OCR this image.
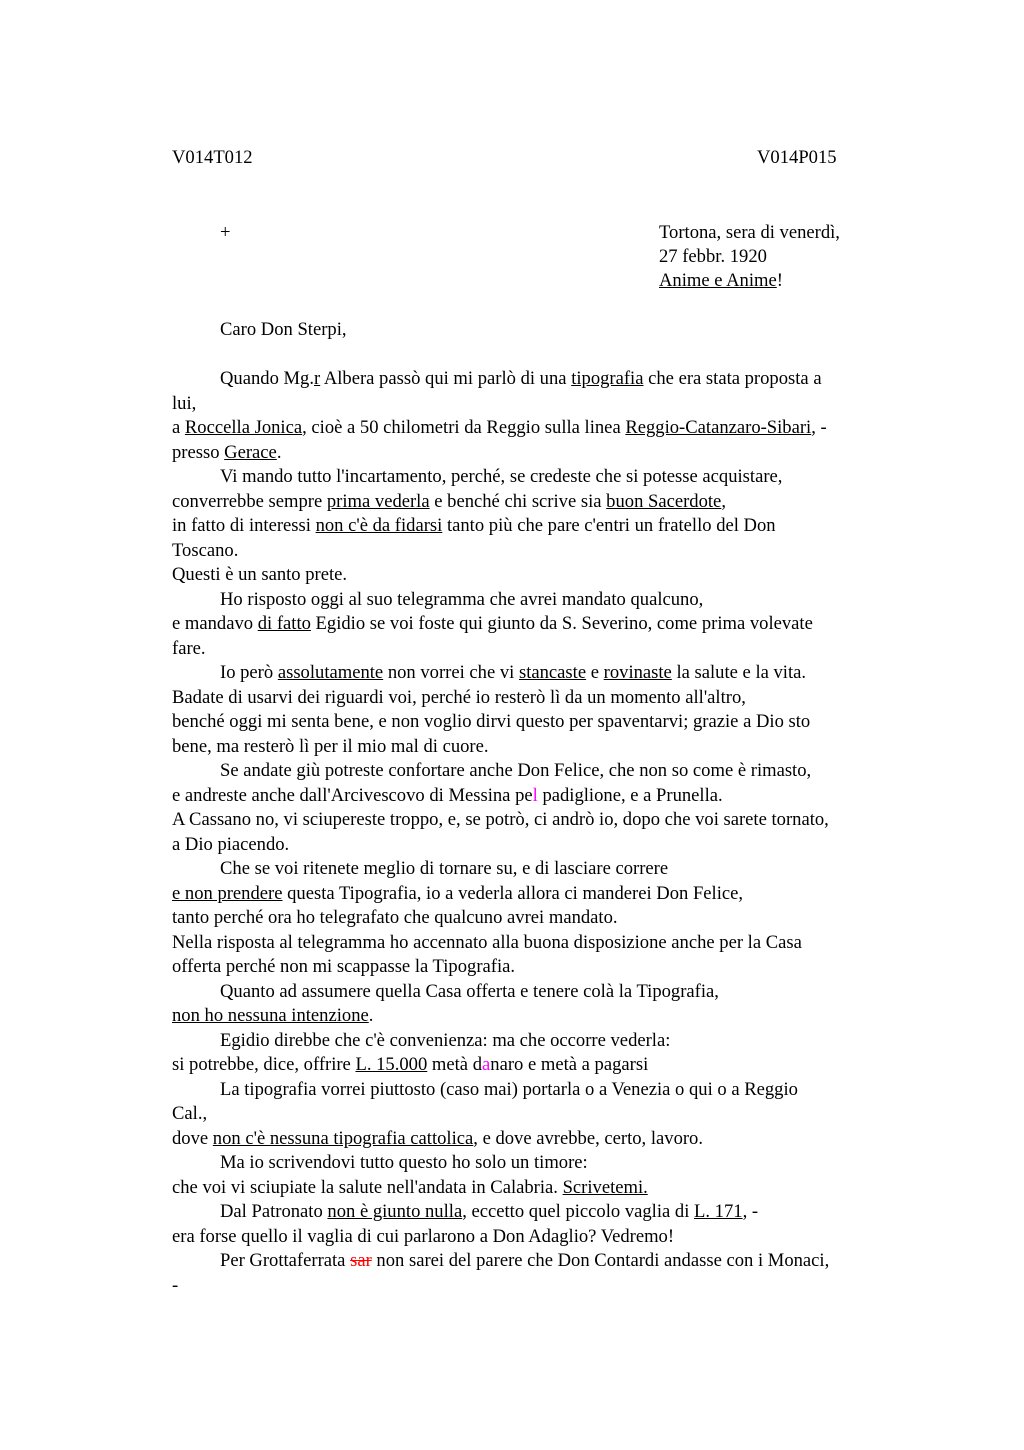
V014T012	V014P015
+	Tortona, sera di venerdì,
27 febbr. 1920
Anime e Anime!
Caro Don Sterpi,
Quando Mg.r Albera passò qui mi parlò di una tipografia che era stata proposta a
lui,
a Roccella Jonica, cioè a 50 chilometri da Reggio sulla linea Reggio-Catanzaro-Sibari, -
presso Gerace.
Vi mando tutto l'incartamento, perché, se credeste che si potesse acquistare,
converrebbe sempre prima vederla e benché chi scrive sia buon Sacerdote,
in fatto di interessi non c'è da fidarsi tanto più che pare c'entri un fratello del Don
Toscano.
Questi è un santo prete.
Ho risposto oggi al suo telegramma che avrei mandato qualcuno,
e mandavo di fatto Egidio se voi foste qui giunto da S. Severino, come prima volevate
fare.
Io però assolutamente non vorrei che vi stancaste e rovinaste la salute e la vita.
Badate di usarvi dei riguardi voi, perché io resterò lì da un momento all'altro,
benché oggi mi senta bene, e non voglio dirvi questo per spaventarvi; grazie a Dio sto
bene, ma resterò lì per il mio mal di cuore.
Se andate giù potreste confortare anche Don Felice, che non so come è rimasto,
e andreste anche dall'Arcivescovo di Messina pel padiglione, e a Prunella.
A Cassano no, vi sciupereste troppo, e, se potrò, ci andrò io, dopo che voi sarete tornato,
a Dio piacendo.
Che se voi ritenete meglio di tornare su, e di lasciare correre
e non prendere questa Tipografia, io a vederla allora ci manderei Don Felice,
tanto perché ora ho telegrafato che qualcuno avrei mandato.
Nella risposta al telegramma ho accennato alla buona disposizione anche per la Casa
offerta perché non mi scappasse la Tipografia.
Quanto ad assumere quella Casa offerta e tenere colà la Tipografia,
non ho nessuna intenzione.
Egidio direbbe che c'è convenienza: ma che occorre vederla:
si potrebbe, dice, offrire L. 15.000 metà danaro e metà a pagarsi
La tipografia vorrei piuttosto (caso mai) portarla o a Venezia o qui o a Reggio
Cal.,
dove non c'è nessuna tipografia cattolica, e dove avrebbe, certo, lavoro.
Ma io scrivendovi tutto questo ho solo un timore:
che voi vi sciupiate la salute nell'andata in Calabria. Scrivetemi.
Dal Patronato non è giunto nulla, eccetto quel piccolo vaglia di L. 171, -
era forse quello il vaglia di cui parlarono a Don Adaglio? Vedremo!
Per Grottaferrata sar non sarei del parere che Don Contardi andasse con i Monaci,
-
